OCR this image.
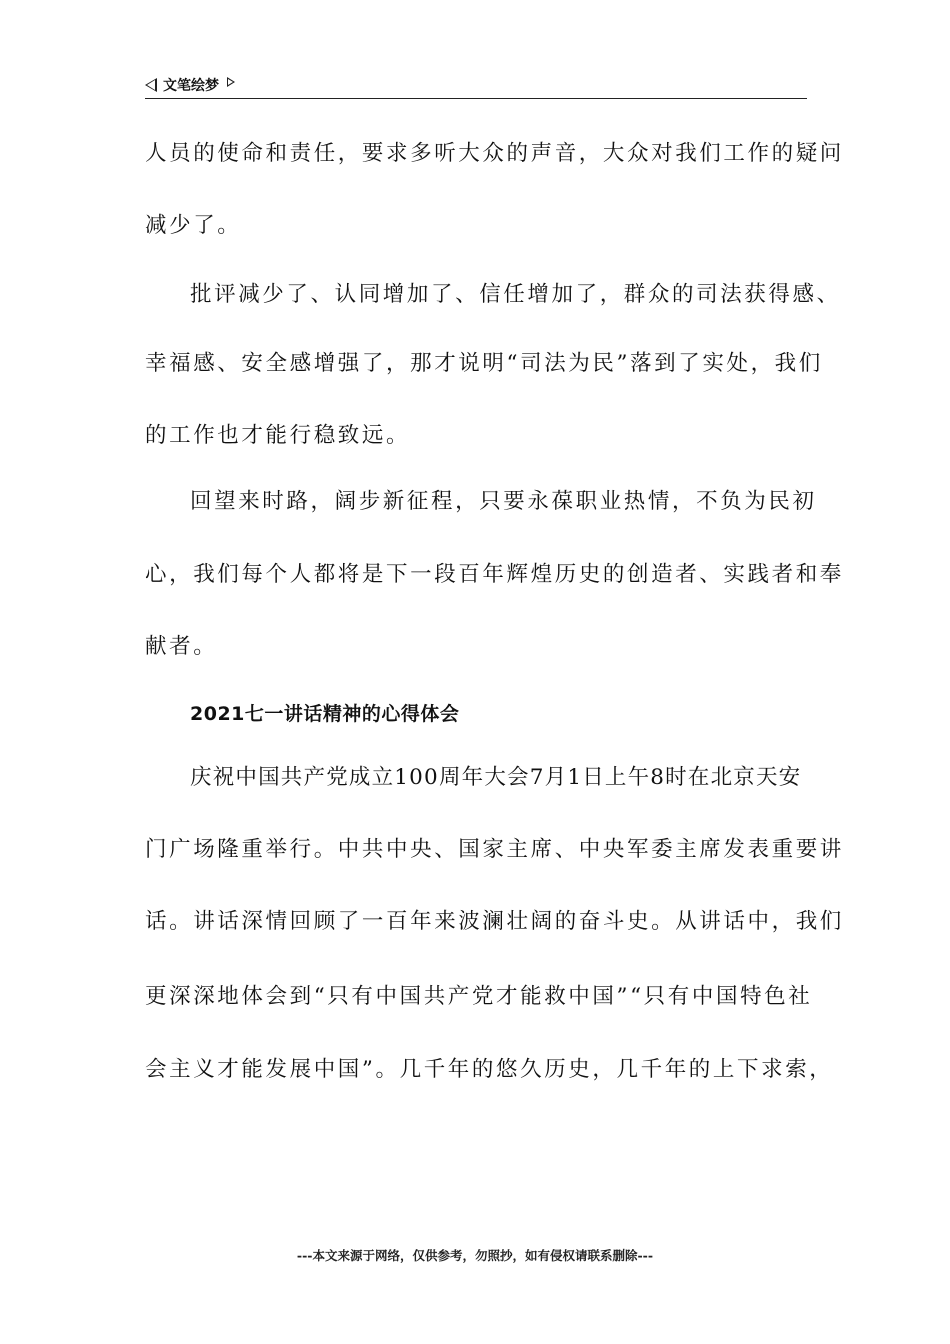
文笔绘梦
人员的使命和责任，要求多听大众的声音，大众对我们工作的疑问
减少了。
批评减少了、认同增加了、信任增加了，群众的司法获得感、
幸福感、安全感增强了，那才说明“司法为民”落到了实处，我们
的工作也才能行稳致远。
回望来时路，阔步新征程，只要永葆职业热情，不负为民初
心，我们每个人都将是下一段百年辉煌历史的创造者、实践者和奉
献者。
2021七一讲话精神的心得体会
庆祝中国共产党成立100周年大会7月1日上午8时在北京天安
门广场隆重举行。中共中央、国家主席、中央军委主席发表重要讲
话。讲话深情回顾了一百年来波澜壮阔的奋斗史。从讲话中，我们
更深深地体会到“只有中国共产党才能救中国”“只有中国特色社
会主义才能发展中国”。几千年的悠久历史，几千年的上下求索，
---本文来源于网络，仅供参考，勿照抄，如有侵权请联系删除---
